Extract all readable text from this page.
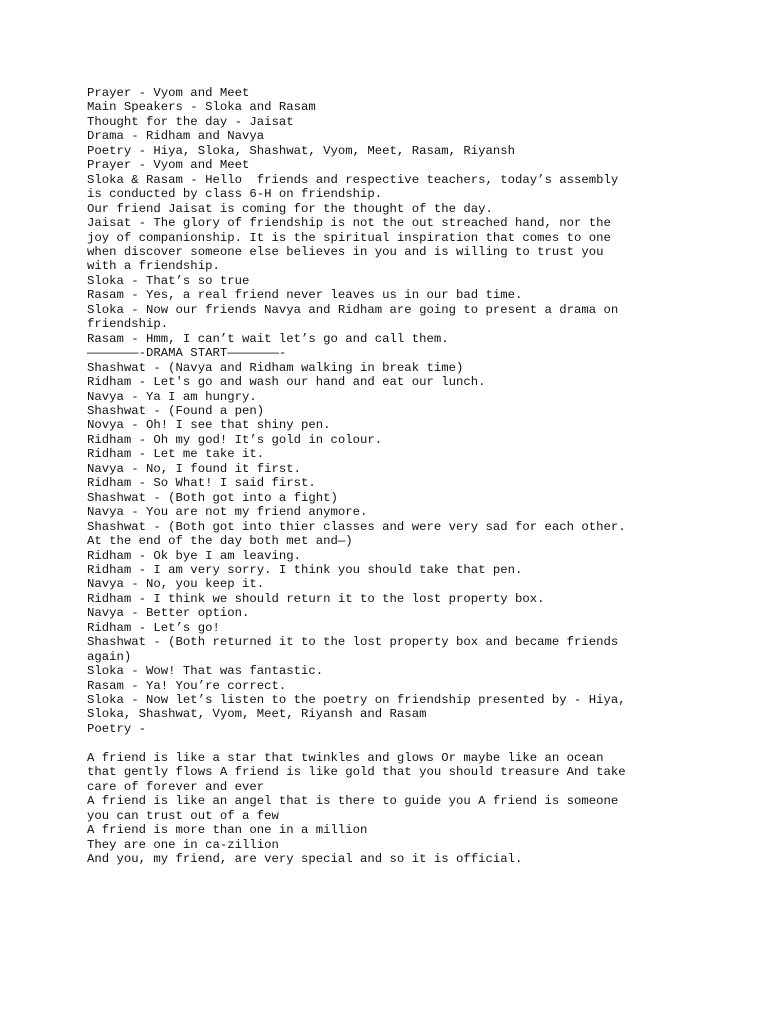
Prayer - Vyom and Meet
Main Speakers - Sloka and Rasam
Thought for the day - Jaisat
Drama - Ridham and Navya
Poetry - Hiya, Sloka, Shashwat, Vyom, Meet, Rasam, Riyansh
Prayer - Vyom and Meet
Sloka & Rasam - Hello  friends and respective teachers, today’s assembly
is conducted by class 6-H on friendship.
Our friend Jaisat is coming for the thought of the day.
Jaisat - The glory of friendship is not the out streached hand, nor the
joy of companionship. It is the spiritual inspiration that comes to one
when discover someone else believes in you and is willing to trust you
with a friendship.
Sloka - That’s so true
Rasam - Yes, a real friend never leaves us in our bad time.
Sloka - Now our friends Navya and Ridham are going to present a drama on
friendship.
Rasam - Hmm, I can’t wait let’s go and call them.
———————-DRAMA START———————-
Shashwat - (Navya and Ridham walking in break time)
Ridham - Let's go and wash our hand and eat our lunch.
Navya - Ya I am hungry.
Shashwat - (Found a pen)
Novya - Oh! I see that shiny pen.
Ridham - Oh my god! It’s gold in colour.
Ridham - Let me take it.
Navya - No, I found it first.
Ridham - So What! I said first.
Shashwat - (Both got into a fight)
Navya - You are not my friend anymore.
Shashwat - (Both got into thier classes and were very sad for each other.
At the end of the day both met and—)
Ridham - Ok bye I am leaving.
Ridham - I am very sorry. I think you should take that pen.
Navya - No, you keep it.
Ridham - I think we should return it to the lost property box.
Navya - Better option.
Ridham - Let’s go!
Shashwat - (Both returned it to the lost property box and became friends
again)
Sloka - Wow! That was fantastic.
Rasam - Ya! You’re correct.
Sloka - Now let’s listen to the poetry on friendship presented by - Hiya,
Sloka, Shashwat, Vyom, Meet, Riyansh and Rasam
Poetry -
A friend is like a star that twinkles and glows Or maybe like an ocean
that gently flows A friend is like gold that you should treasure And take
care of forever and ever
A friend is like an angel that is there to guide you A friend is someone
you can trust out of a few
A friend is more than one in a million
They are one in ca-zillion
And you, my friend, are very special and so it is official.
